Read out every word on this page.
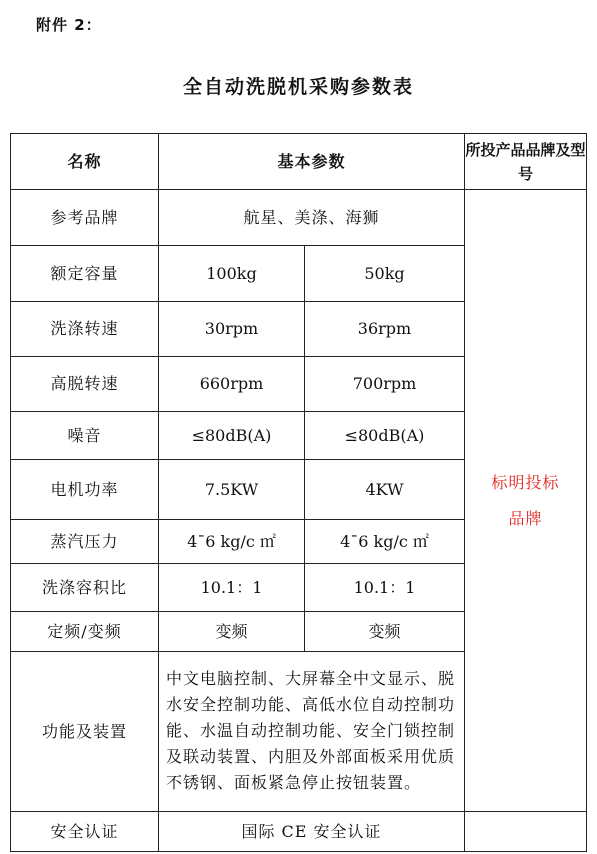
附件 2：
全自动洗脱机采购参数表
名称	基本参数		所投产品品牌及型号
参考品牌	航星、美涤、海狮		标明投标品牌

额定容量	100kg	50kg	
洗涤转速	30rpm	36rpm	
高脱转速	660rpm	700rpm	
噪音	≤80dB(A)	≤80dB(A)	
电机功率	7.5KW	4KW	
蒸汽压力	4ˉ6 kg/c ㎡	4ˉ6 kg/c ㎡	
洗涤容积比	10.1：1	10.1：1	
定频/变频	变频	变频	
功能及装置	中文电脑控制、大屏幕全中文显示、脱水安全控制功能、高低水位自动控制功能、水温自动控制功能、安全门锁控制及联动装置、内胆及外部面板采用优质不锈钢、面板紧急停止按钮装置。		
安全认证	国际 CE 安全认证		
